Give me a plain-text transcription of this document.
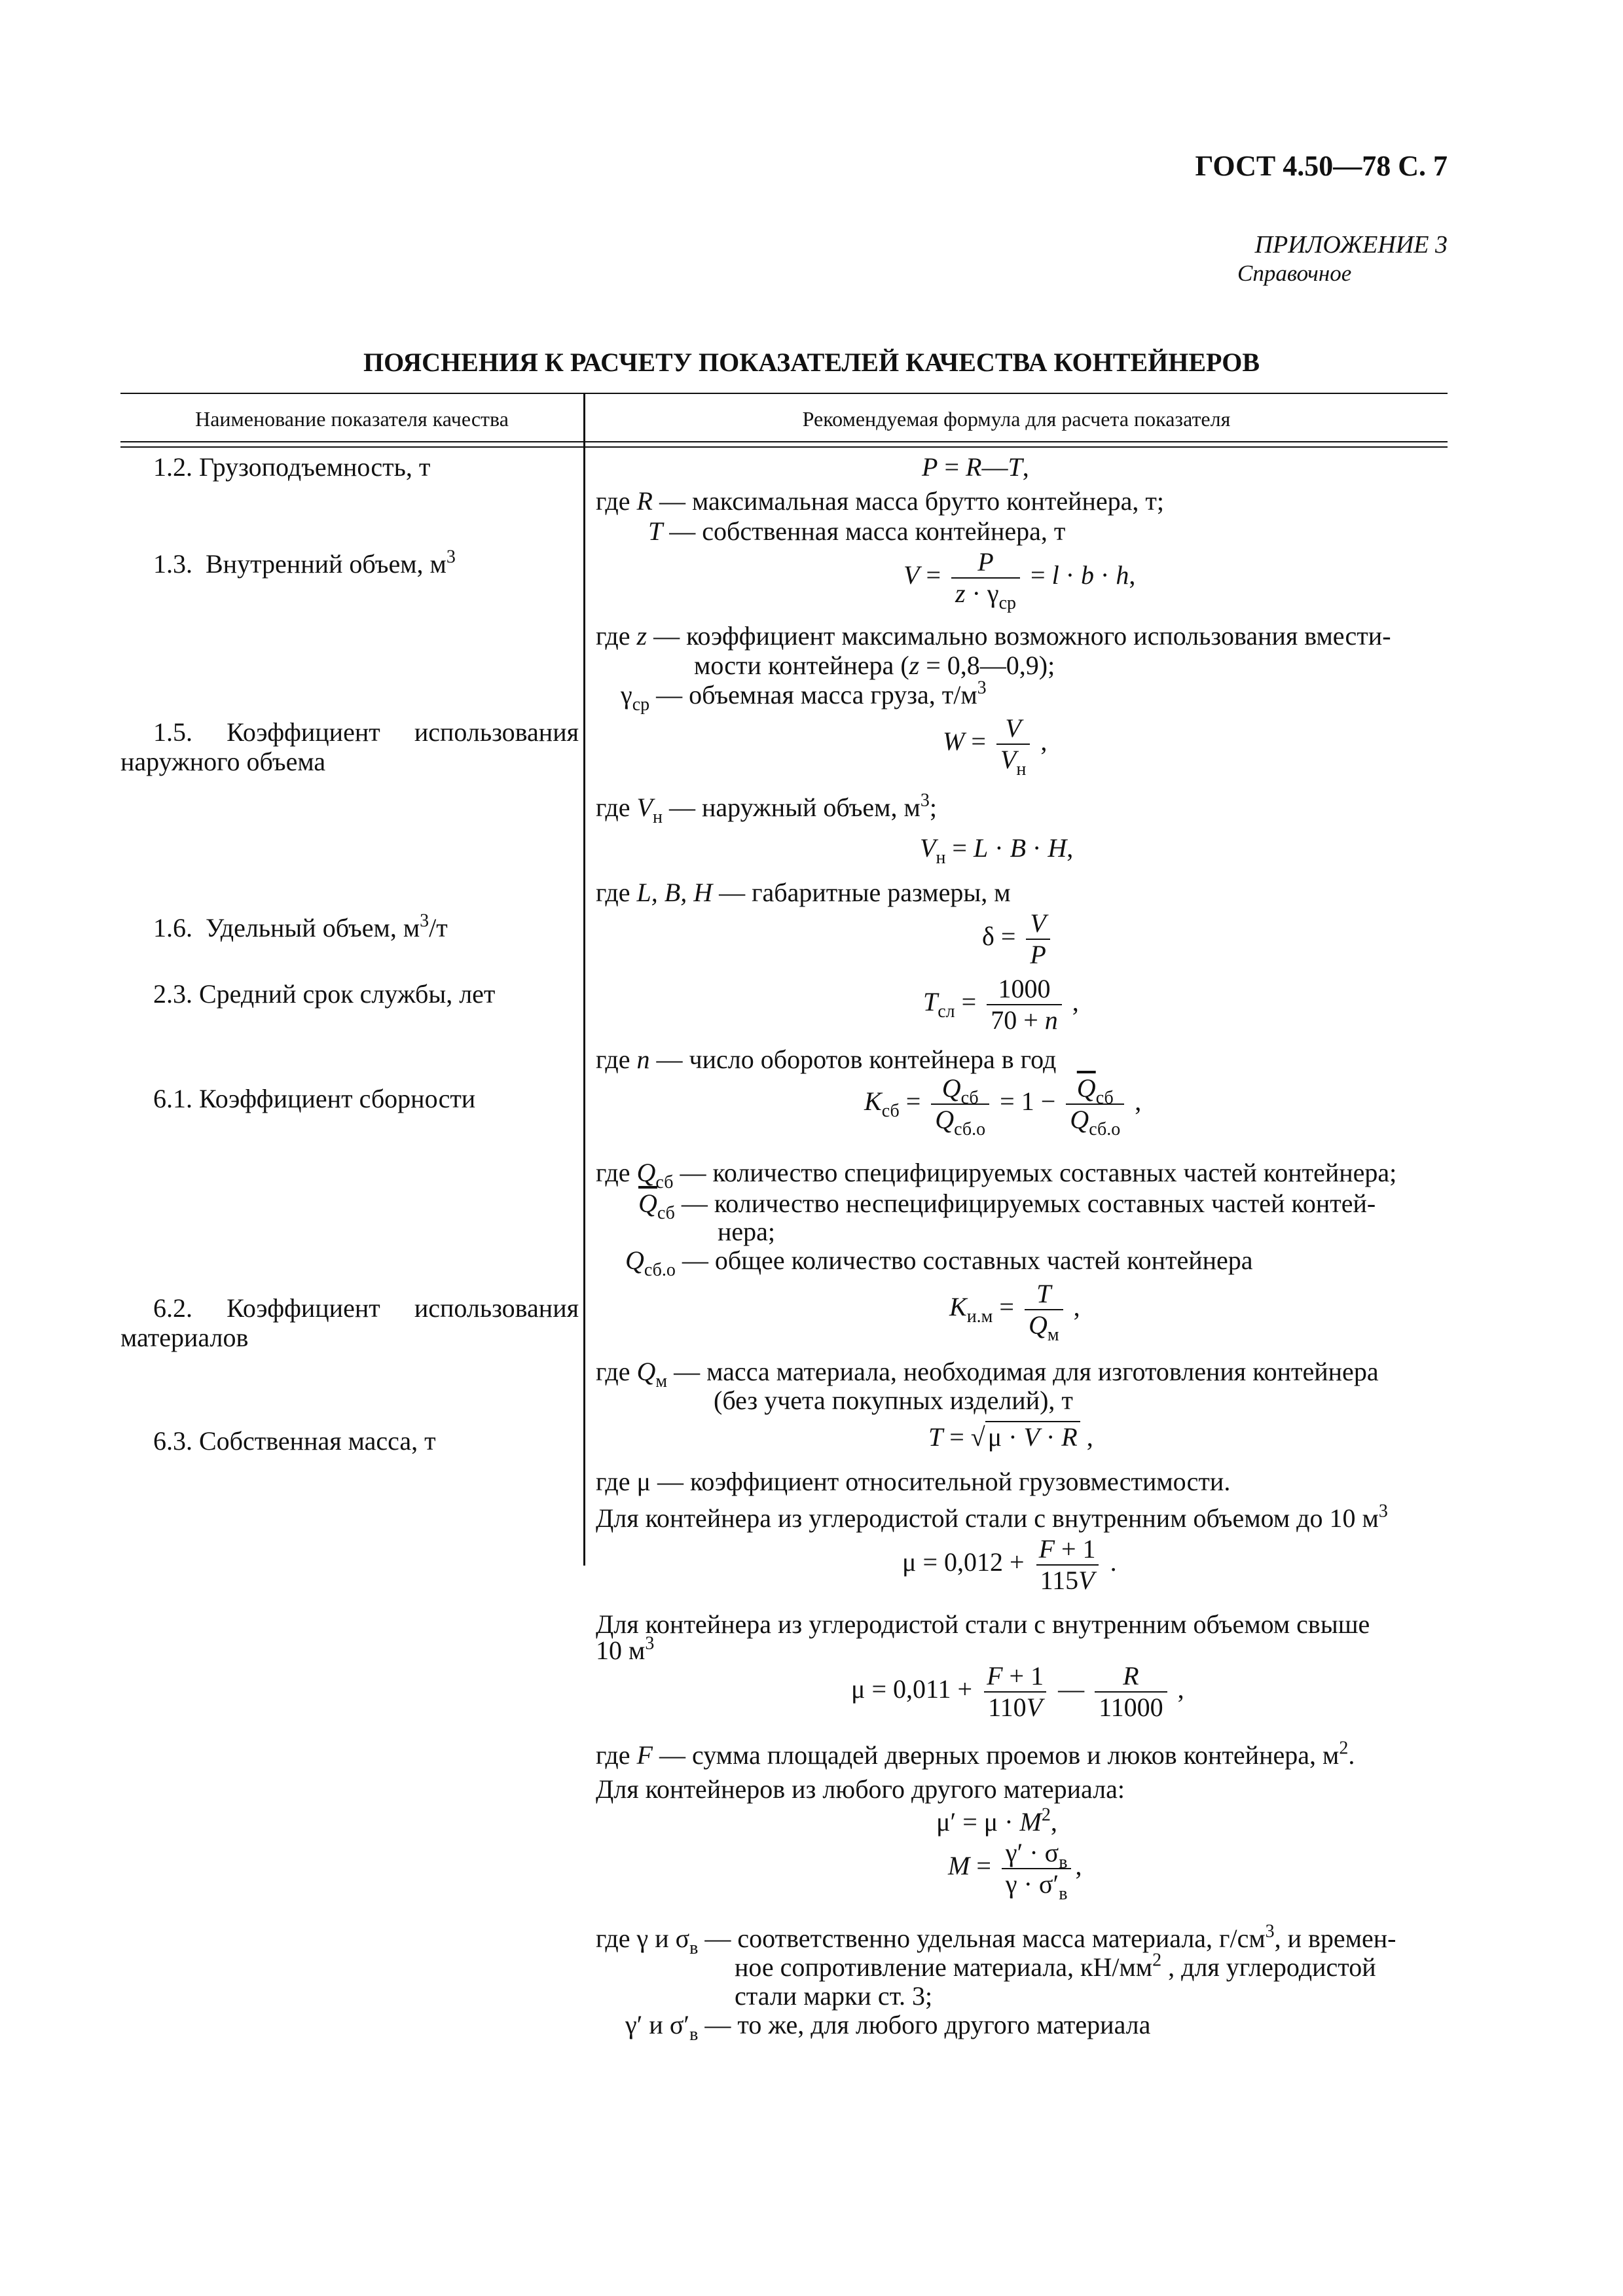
ГОСТ 4.50—78 С. 7
ПРИЛОЖЕНИЕ 3
Справочное
ПОЯСНЕНИЯ К РАСЧЕТУ ПОКАЗАТЕЛЕЙ КАЧЕСТВА КОНТЕЙНЕРОВ
Наименование показателя качества	Рекомендуемая формула для расчета показателя
1.2. Грузоподъемность, т
1.3.  Внутренний объем, $м^3$
1.5. Коэффициент использования
наружного объема
1.6.  Удельный объем, $м^3/т$
2.3. Средний срок службы, лет
6.1. Коэффициент сборности
6.2. Коэффициент использования
материалов
6.3. Собственная масса, т
P = R—T,
где R — максимальная масса брутто контейнера, т;
T — собственная масса контейнера, т
$V = \frac{P}{z \cdot \gamma_{ср}} = l \cdot b \cdot h$,
где z — коэффициент максимально возможного использования вмести-
мости контейнера (z = 0,8—0,9);
$\gamma_{ср}$ — объемная масса груза, $т/м^3$
$W = \frac{V}{V_н}$ ,
где $V_н$ — наружный объем, $м^3$;
$V_н = L \cdot B \cdot H$,
где L, B, H — габаритные размеры, м
$\delta = \frac{V}{P}$
$T_{сл} = \frac{1000}{70 + n}$ ,
где n — число оборотов контейнера в год
$K_{сб} = \frac{Q_{сб}}{Q_{сб.о}} = 1 - \frac{\overline{Q}_{сб}}{Q_{сб.о}}$ ,
где $Q_{сб}$ — количество специфицируемых составных частей контейнера;
$\overline{Q}_{сб}$ — количество неспецифицируемых составных частей контей-
нера;
$Q_{сб.о}$ — общее количество составных частей контейнера
$K_{и.м} = \frac{T}{Q_м}$ ,
где $Q_м$ — масса материала, необходимая для изготовления контейнера
(без учета покупных изделий), т
T = √ μ · V · R ,
где μ — коэффициент относительной грузовместимости.
Для контейнера из углеродистой стали с внутренним объемом до 10 $м^3$
$\mu = 0,012 + \frac{F + 1}{115V}$ .
Для контейнера из углеродистой стали с внутренним объемом свыше
10 $м^3$
$\mu = 0,011 + \frac{F + 1}{110V}$ — $\frac{R}{11000}$ ,
где F — сумма площадей дверных проемов и люков контейнера, $м^2$.
Для контейнеров из любого другого материала:
$\mu' = \mu \cdot M^2$,
$M = \frac{\gamma' \cdot \sigma_в}{\gamma \cdot \sigma'_в}$ ,
где γ и $\sigma_в$ — соответственно удельная масса материала, $г/см^3$, и времен-
ное сопротивление материала, $кН/мм^2$ , для углеродистой
стали марки ст. 3;
γ′ и $\sigma'_в$ — то же, для любого другого материала
